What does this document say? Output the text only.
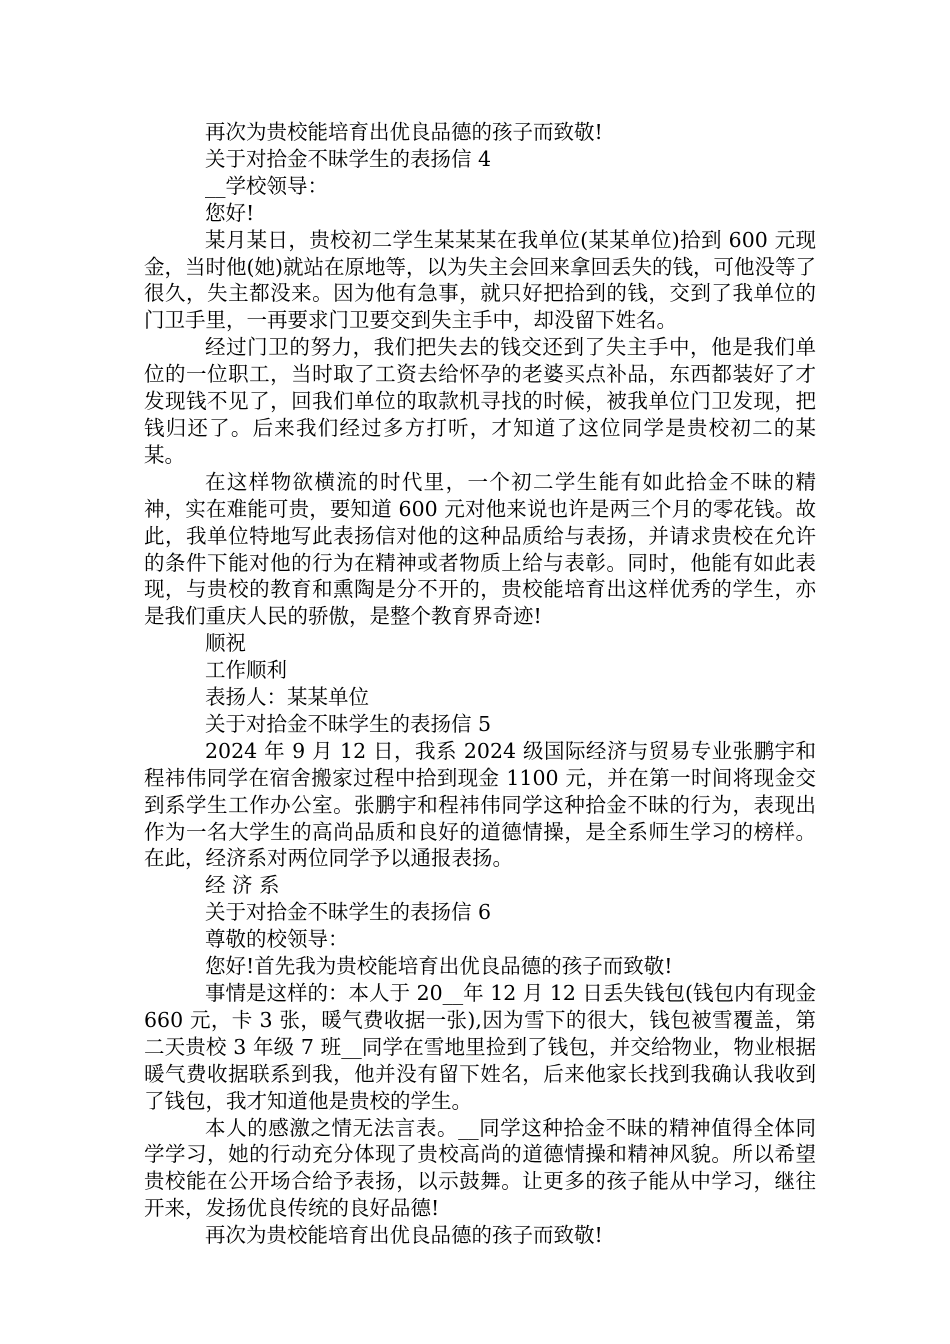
再次为贵校能培育出优良品德的孩子而致敬!

关于对拾金不昧学生的表扬信 4

__学校领导：

您好!

某月某日，贵校初二学生某某某在我单位(某某单位)拾到 600 元现金，当时他(她)就站在原地等，以为失主会回来拿回丢失的钱，可他没等了很久，失主都没来。因为他有急事，就只好把拾到的钱，交到了我单位的门卫手里，一再要求门卫要交到失主手中，却没留下姓名。

经过门卫的努力，我们把失去的钱交还到了失主手中，他是我们单位的一位职工，当时取了工资去给怀孕的老婆买点补品，东西都装好了才发现钱不见了，回我们单位的取款机寻找的时候，被我单位门卫发现，把钱归还了。后来我们经过多方打听，才知道了这位同学是贵校初二的某某。

在这样物欲横流的时代里，一个初二学生能有如此拾金不昧的精神，实在难能可贵，要知道 600 元对他来说也许是两三个月的零花钱。故此，我单位特地写此表扬信对他的这种品质给与表扬，并请求贵校在允许的条件下能对他的行为在精神或者物质上给与表彰。同时，他能有如此表现，与贵校的教育和熏陶是分不开的，贵校能培育出这样优秀的学生，亦是我们重庆人民的骄傲，是整个教育界奇迹!

顺祝

工作顺利

表扬人：某某单位

关于对拾金不昧学生的表扬信 5

2024 年 9 月 12 日，我系 2024 级国际经济与贸易专业张鹏宇和程祎伟同学在宿舍搬家过程中拾到现金 1100 元，并在第一时间将现金交到系学生工作办公室。张鹏宇和程祎伟同学这种拾金不昧的行为，表现出作为一名大学生的高尚品质和良好的道德情操，是全系师生学习的榜样。在此，经济系对两位同学予以通报表扬。

经 济 系

关于对拾金不昧学生的表扬信 6

尊敬的校领导：

您好!首先我为贵校能培育出优良品德的孩子而致敬!

事情是这样的：本人于 20__年 12 月 12 日丢失钱包(钱包内有现金 660 元，卡 3 张，暖气费收据一张),因为雪下的很大，钱包被雪覆盖，第二天贵校 3 年级 7 班__同学在雪地里捡到了钱包，并交给物业，物业根据暖气费收据联系到我，他并没有留下姓名，后来他家长找到我确认我收到了钱包，我才知道他是贵校的学生。

本人的感激之情无法言表。__同学这种拾金不昧的精神值得全体同学学习，她的行动充分体现了贵校高尚的道德情操和精神风貌。所以希望贵校能在公开场合给予表扬，以示鼓舞。让更多的孩子能从中学习，继往开来，发扬优良传统的良好品德!

再次为贵校能培育出优良品德的孩子而致敬!
